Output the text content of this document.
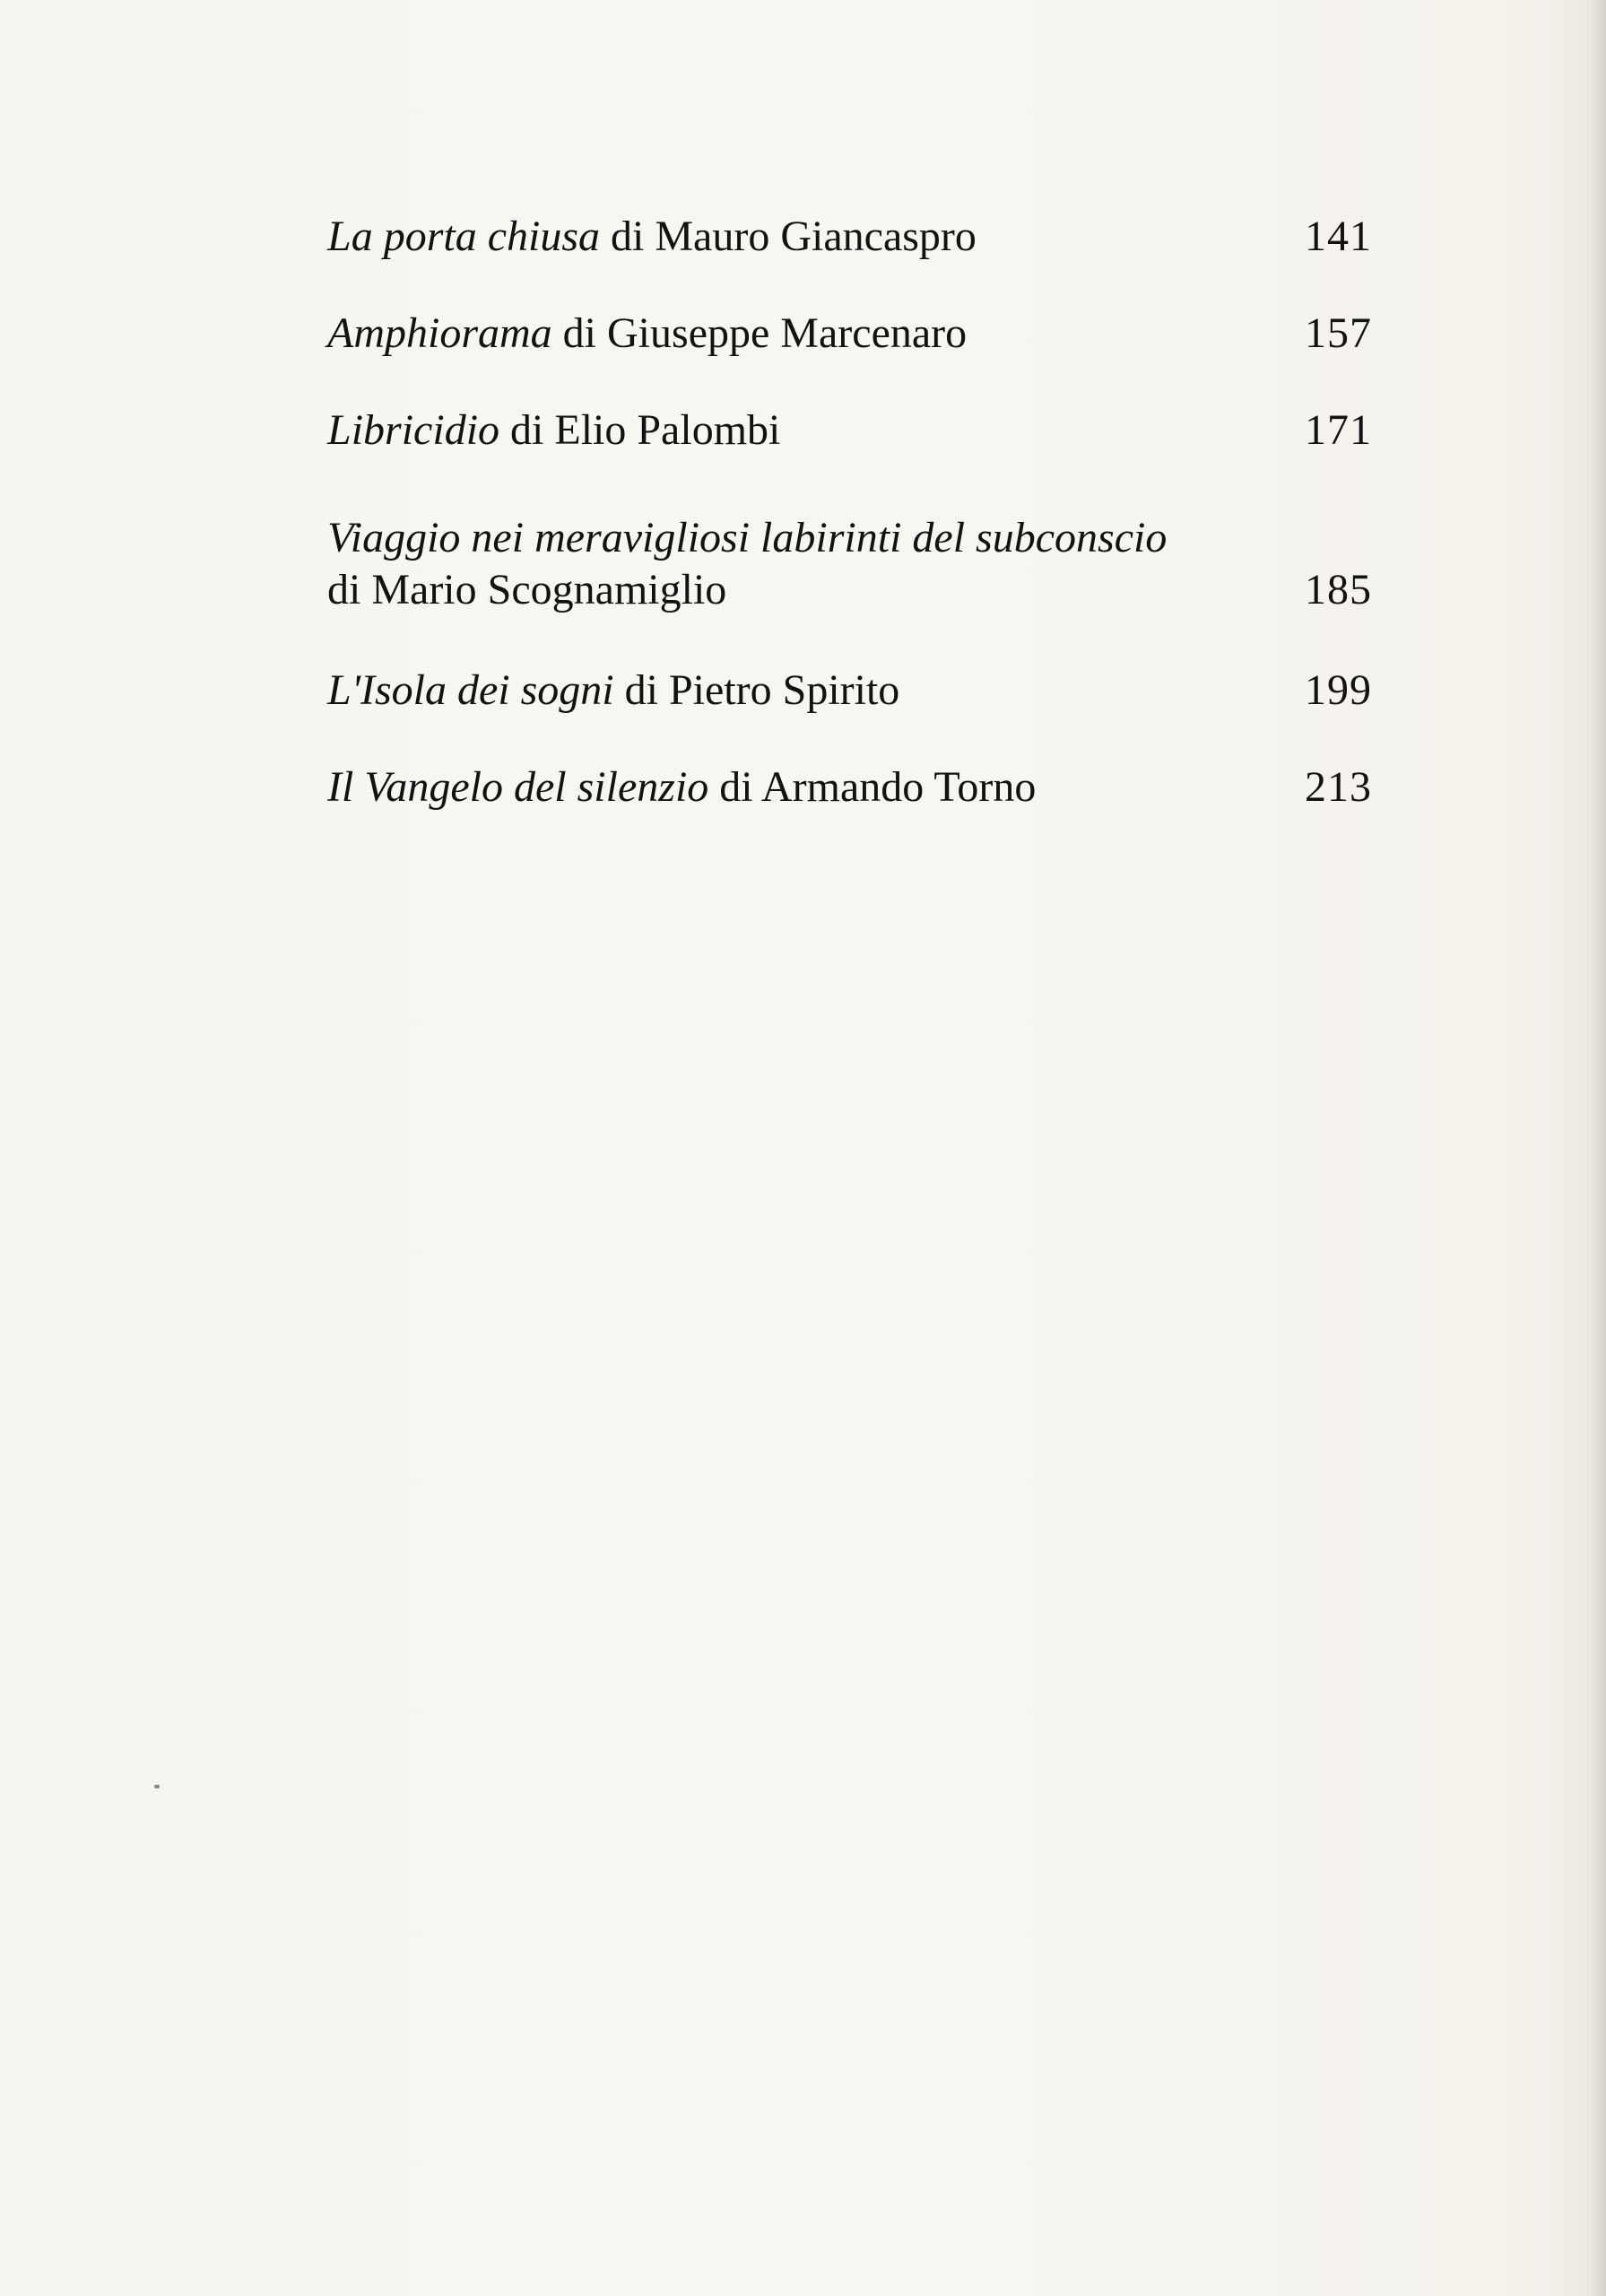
La porta chiusa di Mauro Giancaspro	141
Amphiorama di Giuseppe Marcenaro	157
Libricidio di Elio Palombi	171
Viaggio nei meravigliosi labirinti del subconscio
di Mario Scognamiglio	185
L'Isola dei sogni di Pietro Spirito	199
Il Vangelo del silenzio di Armando Torno	213
